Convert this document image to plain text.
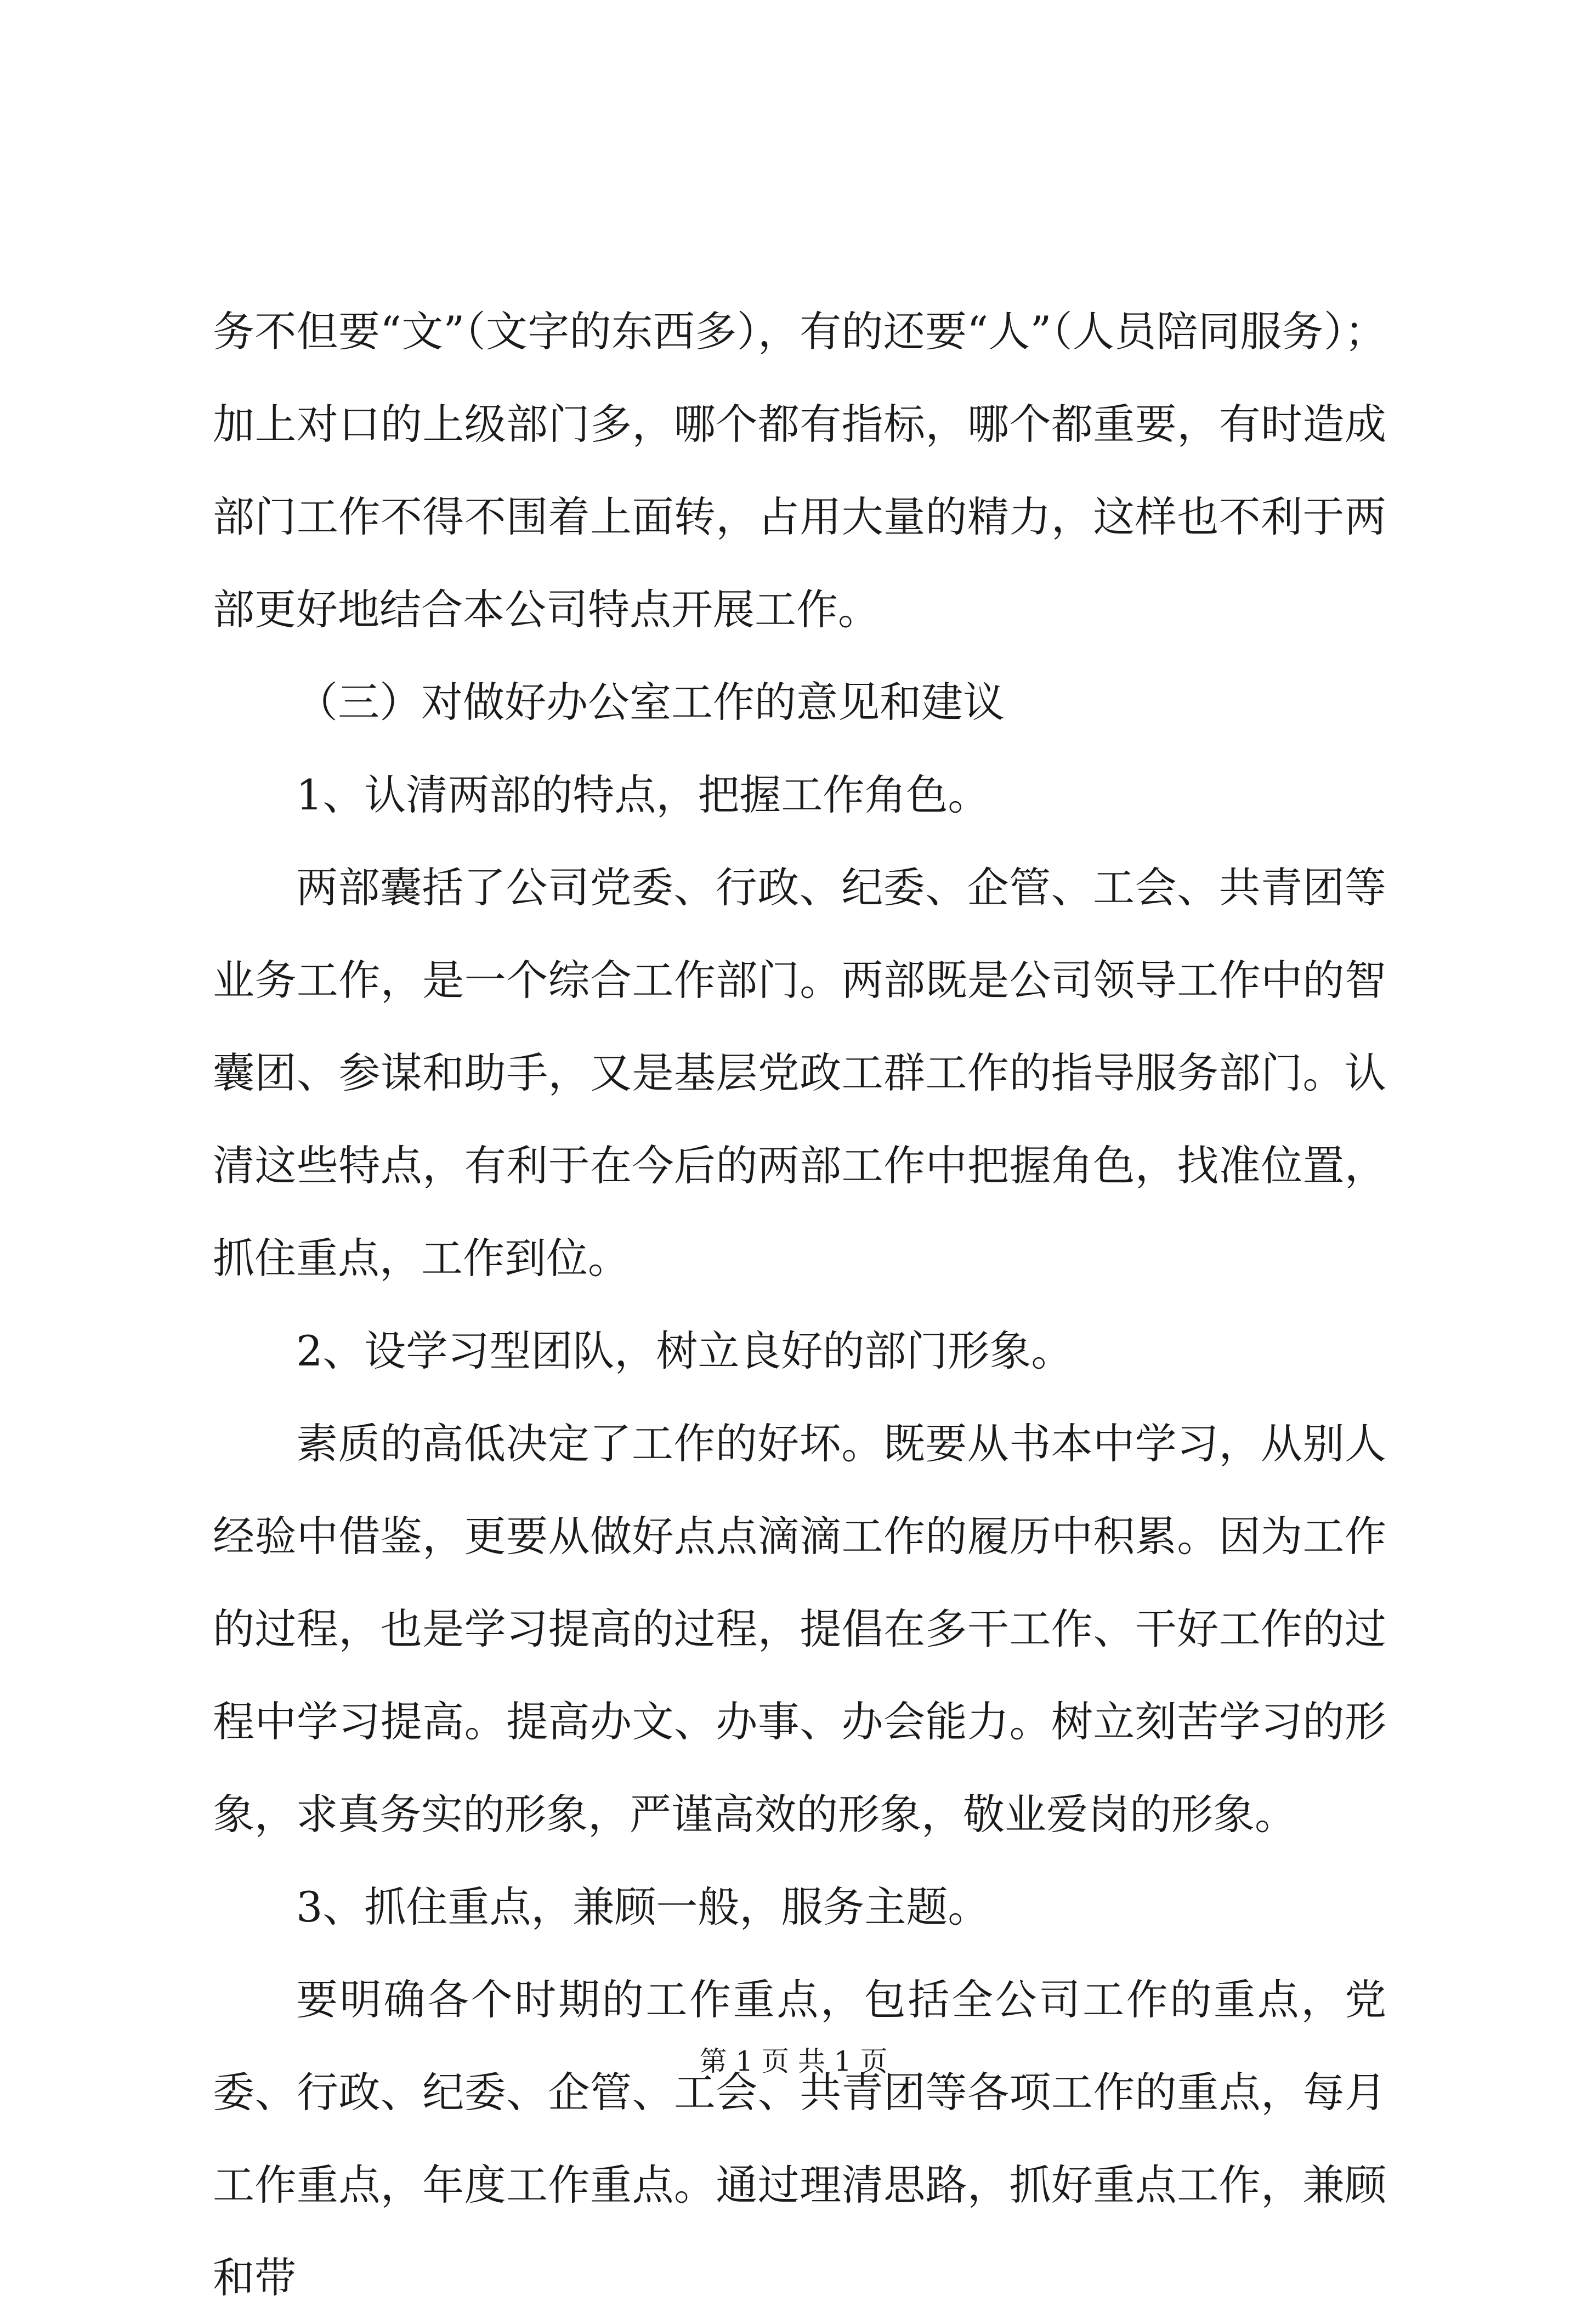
务不但要“文”（文字的东西多），有的还要“人”（人员陪同服务）；加上对口的上级部门多，哪个都有指标，哪个都重要，有时造成部门工作不得不围着上面转，占用大量的精力，这样也不利于两部更好地结合本公司特点开展工作。

（三）对做好办公室工作的意见和建议

1、认清两部的特点，把握工作角色。

两部囊括了公司党委、行政、纪委、企管、工会、共青团等业务工作，是一个综合工作部门。两部既是公司领导工作中的智囊团、参谋和助手，又是基层党政工群工作的指导服务部门。认清这些特点，有利于在今后的两部工作中把握角色，找准位置，抓住重点，工作到位。

2、设学习型团队，树立良好的部门形象。

素质的高低决定了工作的好坏。既要从书本中学习，从别人经验中借鉴，更要从做好点点滴滴工作的履历中积累。因为工作的过程，也是学习提高的过程，提倡在多干工作、干好工作的过程中学习提高。提高办文、办事、办会能力。树立刻苦学习的形象，求真务实的形象，严谨高效的形象，敬业爱岗的形象。

3、抓住重点，兼顾一般，服务主题。

要明确各个时期的工作重点，包括全公司工作的重点，党委、行政、纪委、企管、工会、共青团等各项工作的重点，每月工作重点，年度工作重点。通过理清思路，抓好重点工作，兼顾和带

第 1 页 共 1 页
